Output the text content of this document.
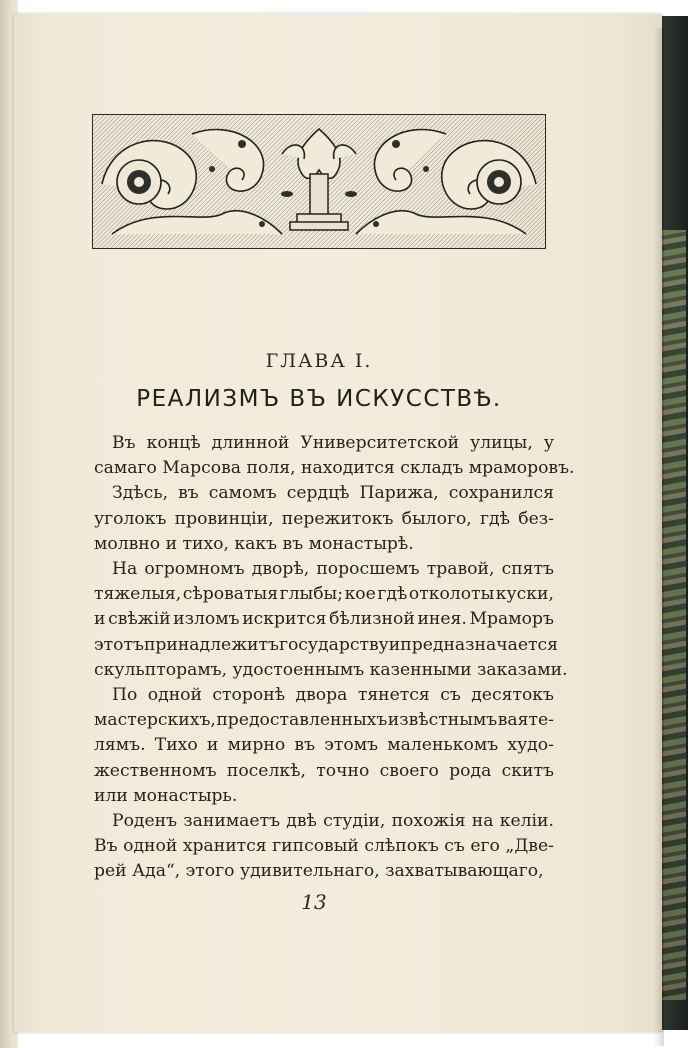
ГЛАВА I.
РЕАЛИЗМЪ ВЪ ИСКУССТВѢ.
Въ концѣ длинной Университетской улицы, у
самаго Марсова поля, находится складъ мраморовъ.
Здѣсь, въ самомъ сердцѣ Парижа, сохранился
уголокъ провинціи, пережитокъ былого, гдѣ без-
молвно и тихо, какъ въ монастырѣ.
На огромномъ дворѣ, поросшемъ травой, спятъ
тяжелыя, сѣроватыя глыбы; кое гдѣ отколоты куски,
и свѣжій изломъ искрится бѣлизной инея. Мраморъ
этотъ принадлежитъ государству и предназначается
скульпторамъ, удостоеннымъ казенными заказами.
По одной сторонѣ двора тянется съ десятокъ
мастерскихъ, предоставленныхъ извѣстнымъ ваяте-
лямъ. Тихо и мирно въ этомъ маленькомъ худо-
жественномъ поселкѣ, точно своего рода скитъ
или монастырь.
Роденъ занимаетъ двѣ студіи, похожія на келіи.
Въ одной хранится гипсовый слѣпокъ съ его „Две-
рей Ада“, этого удивительнаго, захватывающаго,
13
